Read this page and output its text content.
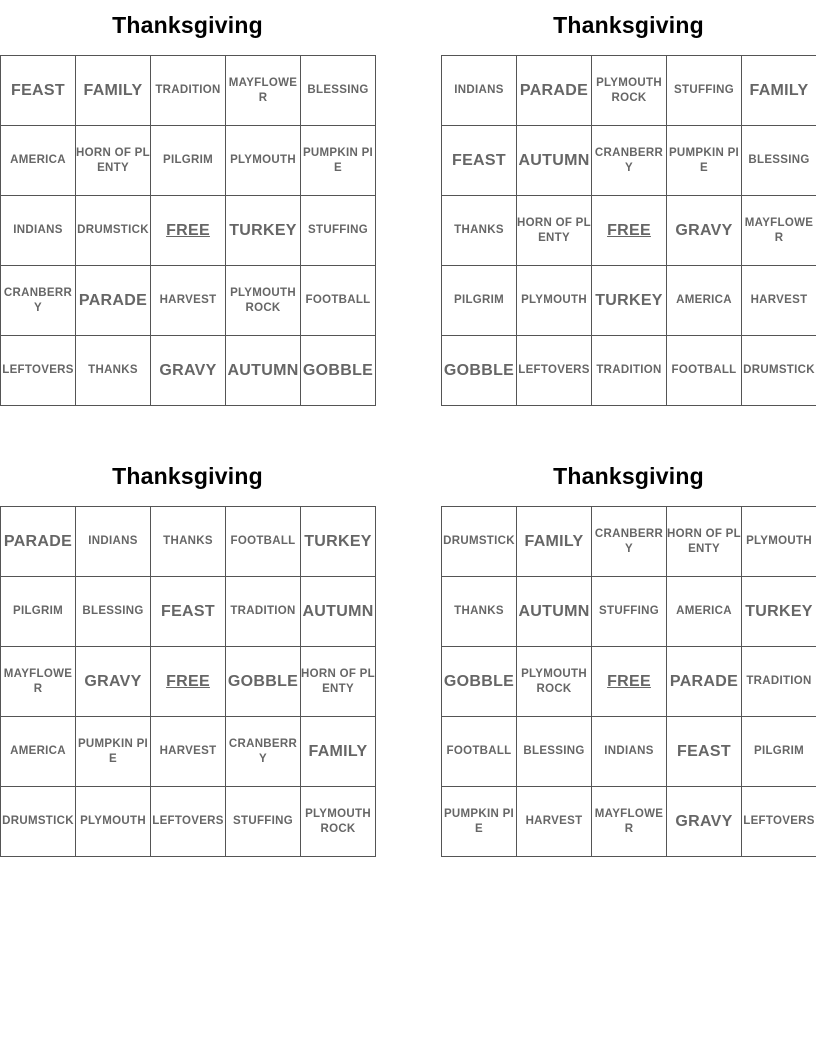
Thanksgiving
FEAST	FAMILY	TRADITION	MAYFLOWER	BLESSING
AMERICA	HORN OF PLENTY	PILGRIM	PLYMOUTH	PUMPKIN PIE
INDIANS	DRUMSTICK	FREE	TURKEY	STUFFING
CRANBERRY	PARADE	HARVEST	PLYMOUTH ROCK	FOOTBALL
LEFTOVERS	THANKS	GRAVY	AUTUMN	GOBBLE
Thanksgiving
INDIANS	PARADE	PLYMOUTH ROCK	STUFFING	FAMILY
FEAST	AUTUMN	CRANBERRY	PUMPKIN PIE	BLESSING
THANKS	HORN OF PLENTY	FREE	GRAVY	MAYFLOWER
PILGRIM	PLYMOUTH	TURKEY	AMERICA	HARVEST
GOBBLE	LEFTOVERS	TRADITION	FOOTBALL	DRUMSTICK
Thanksgiving
PARADE	INDIANS	THANKS	FOOTBALL	TURKEY
PILGRIM	BLESSING	FEAST	TRADITION	AUTUMN
MAYFLOWER	GRAVY	FREE	GOBBLE	HORN OF PLENTY
AMERICA	PUMPKIN PIE	HARVEST	CRANBERRY	FAMILY
DRUMSTICK	PLYMOUTH	LEFTOVERS	STUFFING	PLYMOUTH ROCK
Thanksgiving
DRUMSTICK	FAMILY	CRANBERRY	HORN OF PLENTY	PLYMOUTH
THANKS	AUTUMN	STUFFING	AMERICA	TURKEY
GOBBLE	PLYMOUTH ROCK	FREE	PARADE	TRADITION
FOOTBALL	BLESSING	INDIANS	FEAST	PILGRIM
PUMPKIN PIE	HARVEST	MAYFLOWER	GRAVY	LEFTOVERS
